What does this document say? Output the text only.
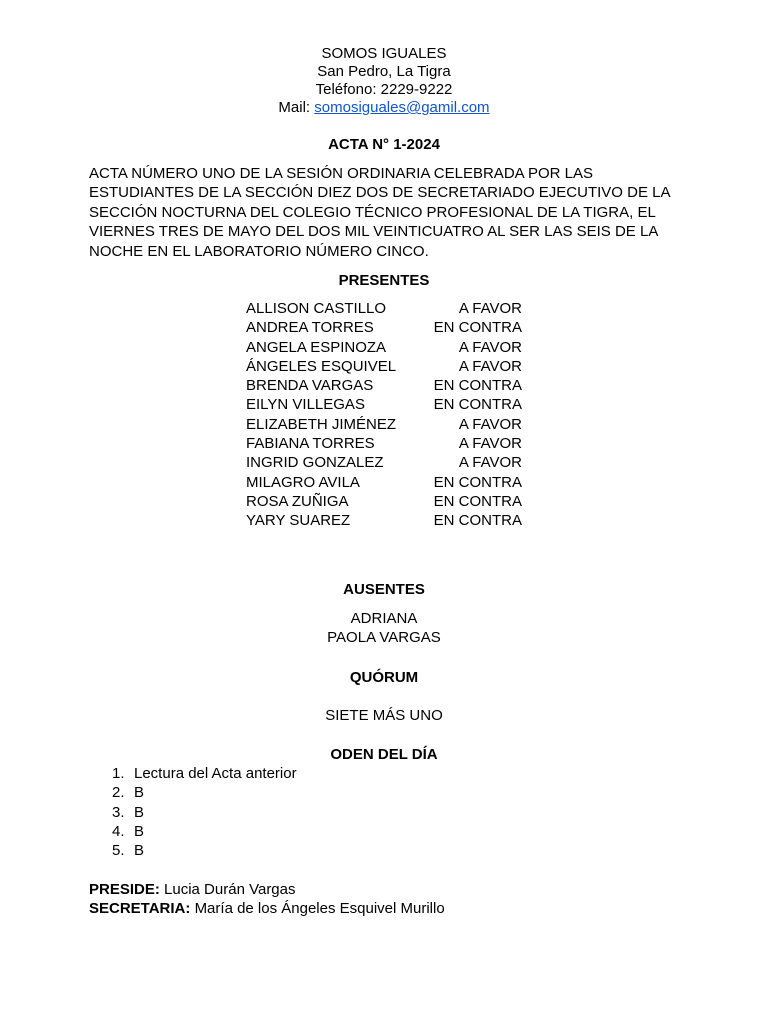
SOMOS IGUALES
San Pedro, La Tigra
Teléfono: 2229-9222
Mail: somosiguales@gamil.com
ACTA N° 1-2024
ACTA NÚMERO UNO DE LA SESIÓN ORDINARIA CELEBRADA POR LAS ESTUDIANTES DE LA SECCIÓN DIEZ DOS DE SECRETARIADO EJECUTIVO DE LA SECCIÓN NOCTURNA DEL COLEGIO TÉCNICO PROFESIONAL DE LA TIGRA, EL VIERNES TRES DE MAYO DEL DOS MIL VEINTICUATRO AL SER LAS SEIS DE LA NOCHE EN EL LABORATORIO NÚMERO CINCO.
PRESENTES
ALLISON CASTILLO	A FAVOR
ANDREA TORRES	EN CONTRA
ANGELA ESPINOZA	A FAVOR
ÁNGELES ESQUIVEL	A FAVOR
BRENDA VARGAS	EN CONTRA
EILYN VILLEGAS	EN CONTRA
ELIZABETH JIMÉNEZ	A FAVOR
FABIANA TORRES	A FAVOR
INGRID GONZALEZ	A FAVOR
MILAGRO AVILA	EN CONTRA
ROSA ZUÑIGA	EN CONTRA
YARY SUAREZ	EN CONTRA
AUSENTES
ADRIANA
PAOLA VARGAS
QUÓRUM
SIETE MÁS UNO
ODEN DEL DÍA
1. Lectura del Acta anterior
2. B
3. B
4. B
5. B
PRESIDE: Lucia Durán Vargas
SECRETARIA: María de los Ángeles Esquivel Murillo
